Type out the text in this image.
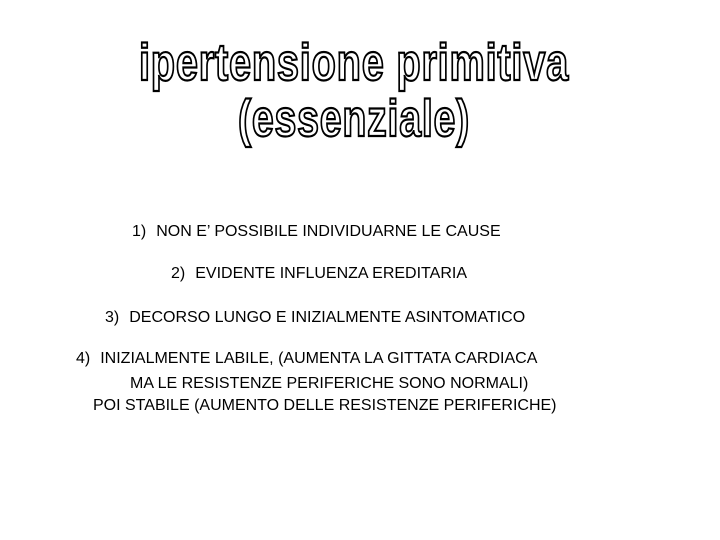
ipertensione primitiva
(essenziale)

1) NON E’ POSSIBILE INDIVIDUARNE LE CAUSE

2) EVIDENTE INFLUENZA EREDITARIA

3) DECORSO LUNGO E INIZIALMENTE ASINTOMATICO

4) INIZIALMENTE LABILE, (AUMENTA LA GITTATA CARDIACA

MA LE RESISTENZE PERIFERICHE SONO NORMALI)

POI STABILE (AUMENTO DELLE RESISTENZE PERIFERICHE)
